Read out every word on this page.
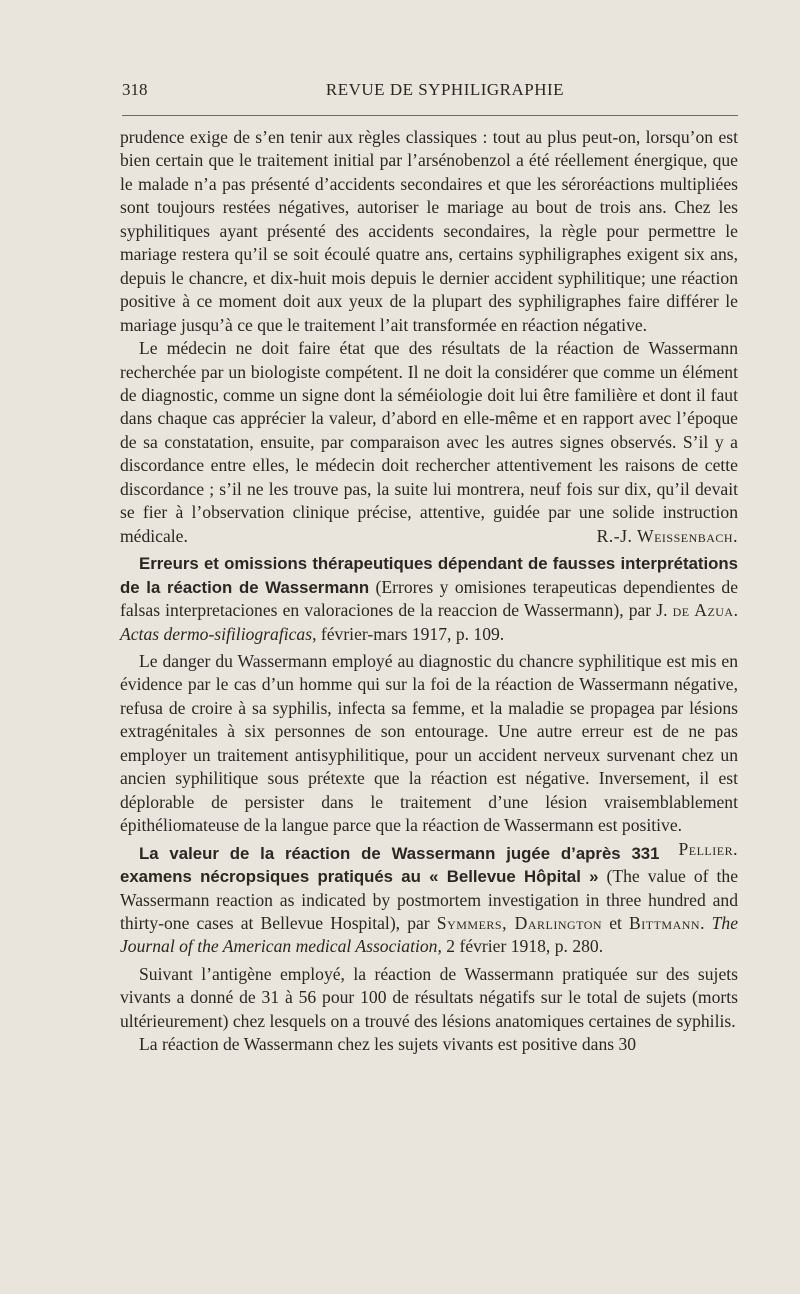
318	REVUE DE SYPHILIGRAPHIE

prudence exige de s’en tenir aux règles classiques : tout au plus peut-on, lorsqu’on est bien certain que le traitement initial par l’arsénobenzol a été réellement énergique, que le malade n’a pas présenté d’accidents secondaires et que les séroréactions multipliées sont toujours restées négatives, autoriser le mariage au bout de trois ans. Chez les syphilitiques ayant présenté des accidents secondaires, la règle pour permettre le mariage restera qu’il se soit écoulé quatre ans, certains syphiligraphes exigent six ans, depuis le chancre, et dix-huit mois depuis le dernier accident syphilitique; une réaction positive à ce moment doit aux yeux de la plupart des syphiligraphes faire différer le mariage jusqu’à ce que le traitement l’ait transformée en réaction négative.

Le médecin ne doit faire état que des résultats de la réaction de Wassermann recherchée par un biologiste compétent. Il ne doit la considérer que comme un élément de diagnostic, comme un signe dont la séméiologie doit lui être familière et dont il faut dans chaque cas apprécier la valeur, d’abord en elle-même et en rapport avec l’époque de sa constatation, ensuite, par comparaison avec les autres signes observés. S’il y a discordance entre elles, le médecin doit rechercher attentivement les raisons de cette discordance ; s’il ne les trouve pas, la suite lui montrera, neuf fois sur dix, qu’il devait se fier à l’observation clinique précise, attentive, guidée par une solide instruction médicale.	R.-J. Weissenbach.

Erreurs et omissions thérapeutiques dépendant de fausses interprétations de la réaction de Wassermann (Errores y omisiones terapeuticas dependientes de falsas interpretaciones en valoraciones de la reaccion de Wassermann), par J. de Azua. Actas dermo-sifiliograficas, février-mars 1917, p. 109.

Le danger du Wassermann employé au diagnostic du chancre syphilitique est mis en évidence par le cas d’un homme qui sur la foi de la réaction de Wassermann négative, refusa de croire à sa syphilis, infecta sa femme, et la maladie se propagea par lésions extragénitales à six personnes de son entourage. Une autre erreur est de ne pas employer un traitement antisyphilitique, pour un accident nerveux survenant chez un ancien syphilitique sous prétexte que la réaction est négative. Inversement, il est déplorable de persister dans le traitement d’une lésion vraisemblablement épithéliomateuse de la langue parce que la réaction de Wassermann est positive.
Pellier.

La valeur de la réaction de Wassermann jugée d’après 331 examens nécropsiques pratiqués au « Bellevue Hôpital » (The value of the Wassermann reaction as indicated by postmortem investigation in three hundred and thirty-one cases at Bellevue Hospital), par Symmers, Darlington et Bittmann. The Journal of the American medical Association, 2 février 1918, p. 280.

Suivant l’antigène employé, la réaction de Wassermann pratiquée sur des sujets vivants a donné de 31 à 56 pour 100 de résultats négatifs sur le total de sujets (morts ultérieurement) chez lesquels on a trouvé des lésions anatomiques certaines de syphilis.

La réaction de Wassermann chez les sujets vivants est positive dans 30
